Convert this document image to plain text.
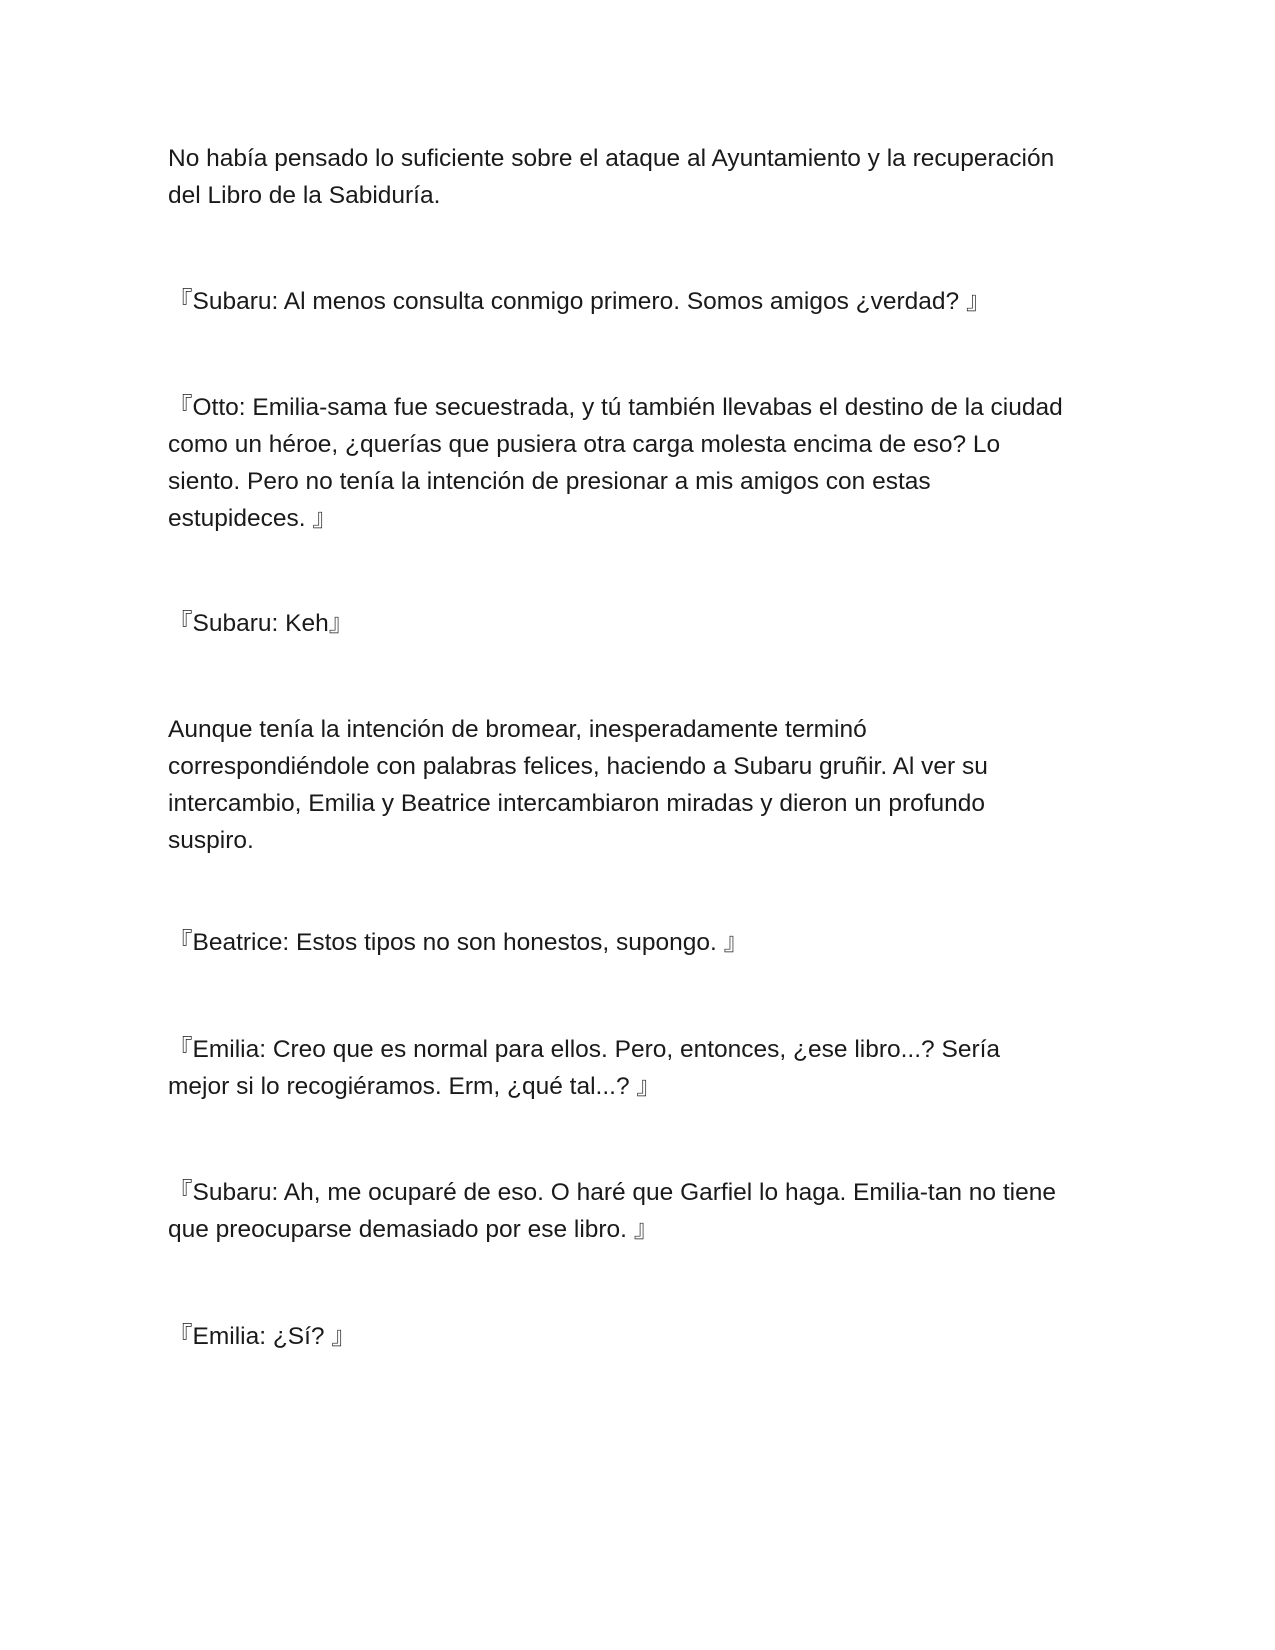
No había pensado lo suficiente sobre el ataque al Ayuntamiento y la recuperación del Libro de la Sabiduría.

『Subaru: Al menos consulta conmigo primero. Somos amigos ¿verdad? 』

『Otto: Emilia-sama fue secuestrada, y tú también llevabas el destino de la ciudad como un héroe, ¿querías que pusiera otra carga molesta encima de eso? Lo siento. Pero no tenía la intención de presionar a mis amigos con estas estupideces. 』

『Subaru: Keh』

Aunque tenía la intención de bromear, inesperadamente terminó correspondiéndole con palabras felices, haciendo a Subaru gruñir. Al ver su intercambio, Emilia y Beatrice intercambiaron miradas y dieron un profundo suspiro.

『Beatrice: Estos tipos no son honestos, supongo. 』

『Emilia: Creo que es normal para ellos. Pero, entonces, ¿ese libro...? Sería mejor si lo recogiéramos. Erm, ¿qué tal...? 』

『Subaru: Ah, me ocuparé de eso. O haré que Garfiel lo haga. Emilia-tan no tiene que preocuparse demasiado por ese libro. 』

『Emilia: ¿Sí? 』
